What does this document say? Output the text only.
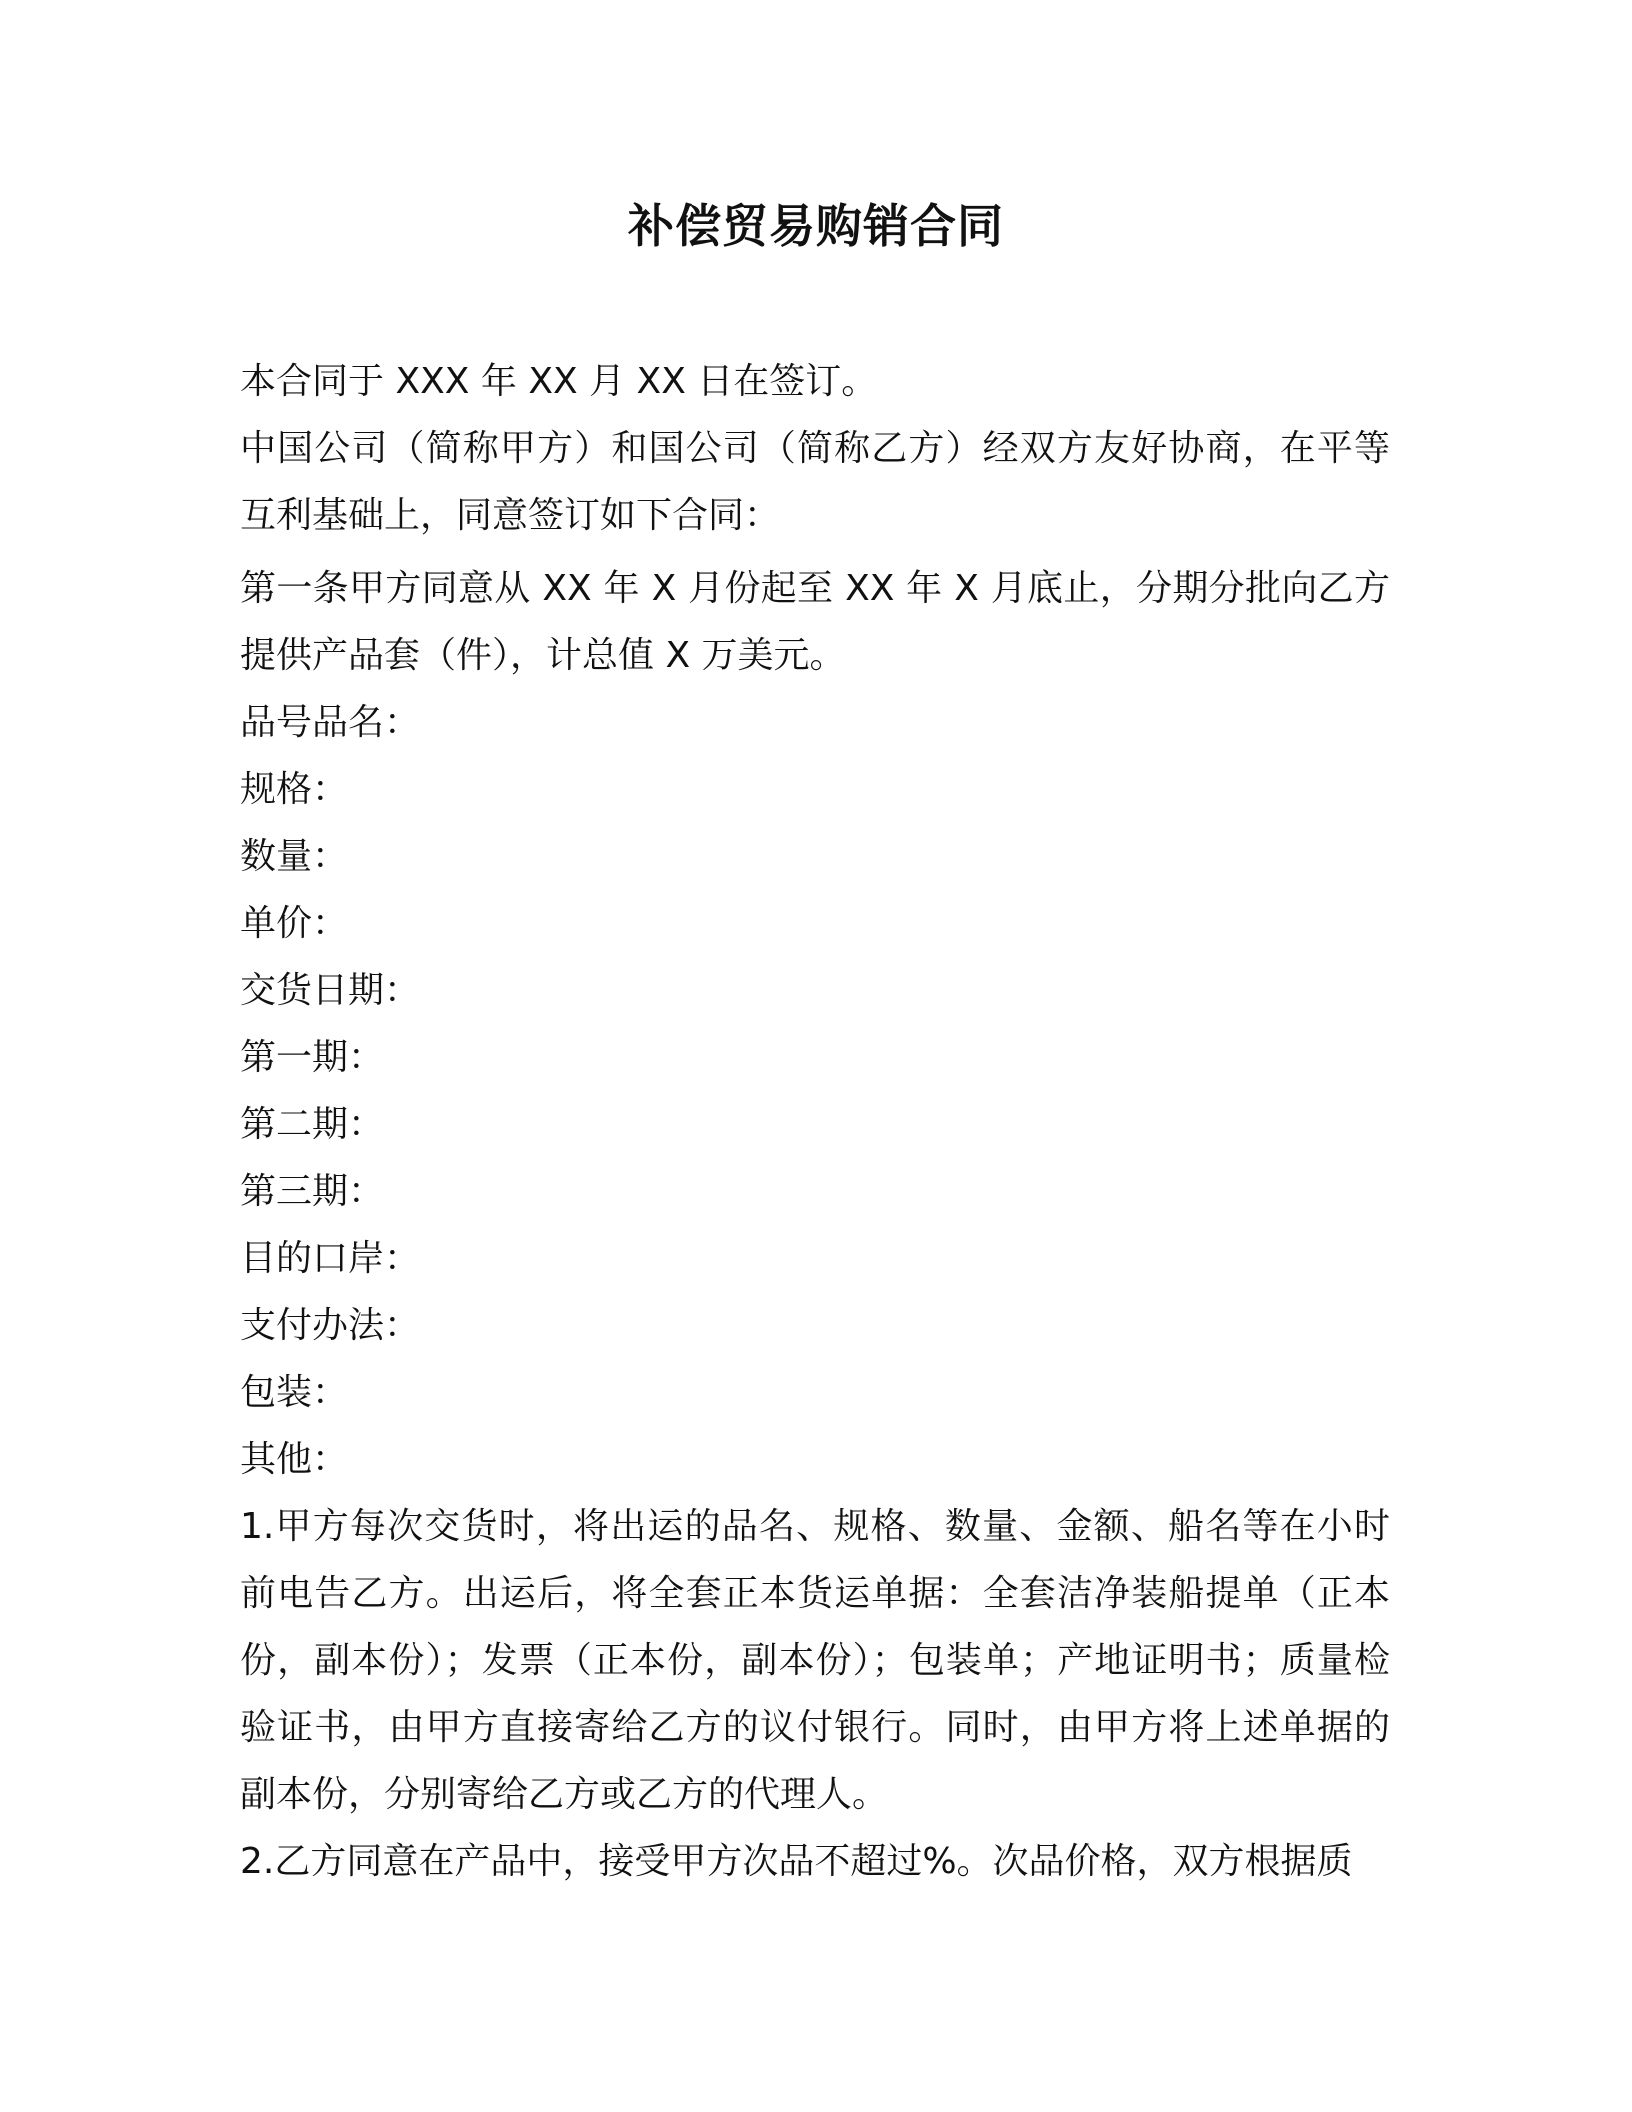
补偿贸易购销合同

本合同于 XXX 年 XX 月 XX 日在签订。

中国公司（简称甲方）和国公司（简称乙方）经双方友好协商，在平等互利基础上，同意签订如下合同：

第一条甲方同意从 XX 年 X 月份起至 XX 年 X 月底止，分期分批向乙方提供产品套（件），计总值 X 万美元。

品号品名：

规格：

数量：

单价：

交货日期：

第一期：

第二期：

第三期：

目的口岸：

支付办法：

包装：

其他：

1.甲方每次交货时，将出运的品名、规格、数量、金额、船名等在小时前电告乙方。出运后，将全套正本货运单据：全套洁净装船提单（正本份，副本份）；发票（正本份，副本份）；包装单；产地证明书；质量检验证书，由甲方直接寄给乙方的议付银行。同时，由甲方将上述单据的副本份，分别寄给乙方或乙方的代理人。

2.乙方同意在产品中，接受甲方次品不超过%。次品价格，双方根据质
